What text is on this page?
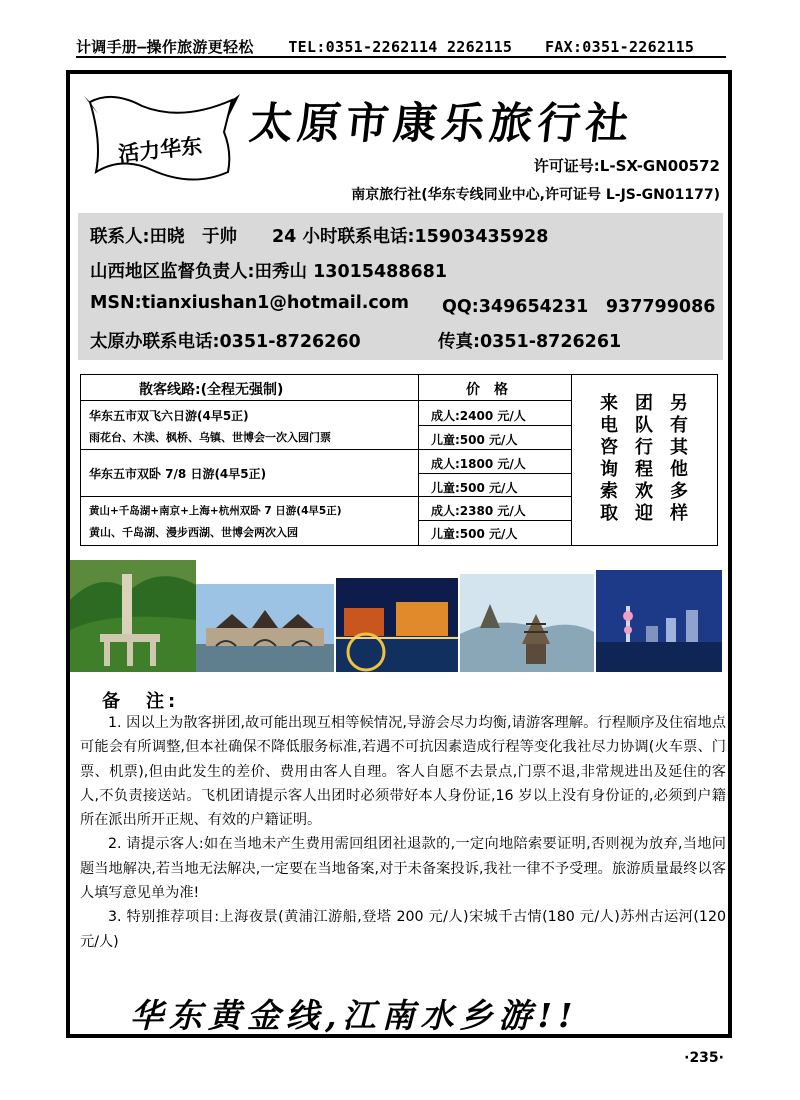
计调手册—操作旅游更轻松 TEL:0351-2262114 2262115 FAX:0351-2262115
活力华东
太原市康乐旅行社
许可证号:L-SX-GN00572
南京旅行社(华东专线同业中心,许可证号 L-JS-GN01177)
联系人:田晓　于帅　　24 小时联系电话:15903435928
山西地区监督负责人:田秀山 13015488681
MSN:tianxiushan1@hotmail.com QQ:349654231　937799086
太原办联系电话:0351-8726260	传真:0351-8726261
散客线路:(全程无强制)	价　格
华东五市双飞六日游(4早5正)
雨花台、木渎、枫桥、乌镇、世博会一次入园门票
成人:2400 元/人
儿童:500 元/人
华东五市双卧 7/8 日游(4早5正)
成人:1800 元/人
儿童:500 元/人
黄山+千岛湖+南京+上海+杭州双卧 7 日游(4早5正)
黄山、千岛湖、漫步西湖、世博会两次入园
成人:2380 元/人
儿童:500 元/人
来电咨询索取
团队行程欢迎
另有其他多样
备　注:

1. 因以上为散客拼团,故可能出现互相等候情况,导游会尽力均衡,请游客理解。行程顺序及住宿地点可能会有所调整,但本社确保不降低服务标准,若遇不可抗因素造成行程等变化我社尽力协调(火车票、门票、机票),但由此发生的差价、费用由客人自理。客人自愿不去景点,门票不退,非常规进出及延住的客人,不负责接送站。飞机团请提示客人出团时必须带好本人身份证,16 岁以上没有身份证的,必须到户籍所在派出所开正规、有效的户籍证明。

2. 请提示客人:如在当地未产生费用需回组团社退款的,一定向地陪索要证明,否则视为放弃,当地问题当地解决,若当地无法解决,一定要在当地备案,对于未备案投诉,我社一律不予受理。旅游质量最终以客人填写意见单为准!

3. 特别推荐项目:上海夜景(黄浦江游船,登塔 200 元/人)宋城千古情(180 元/人)苏州古运河(120 元/人)

华东黄金线,江南水乡游!!
·235·
